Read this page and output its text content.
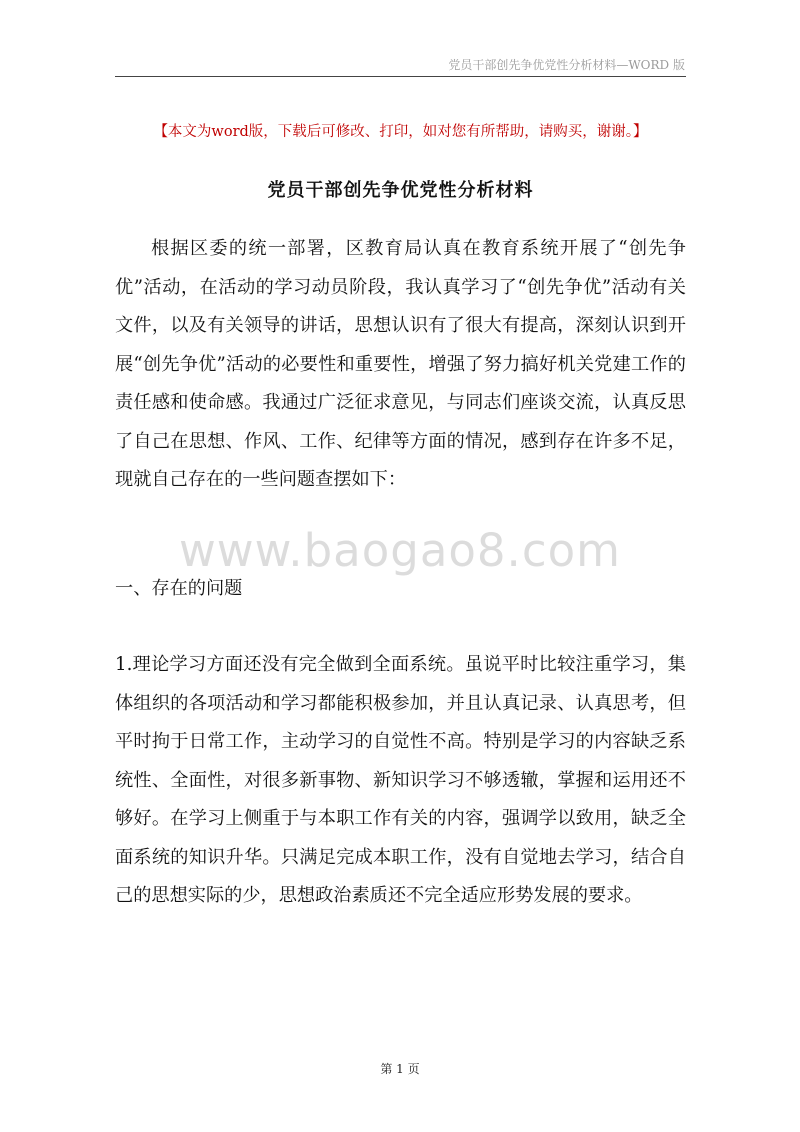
党员干部创先争优党性分析材料—WORD 版
【本文为word版，下载后可修改、打印，如对您有所帮助，请购买，谢谢。】
党员干部创先争优党性分析材料

根据区委的统一部署，区教育局认真在教育系统开展了“创先争优”活动，在活动的学习动员阶段，我认真学习了“创先争优”活动有关文件，以及有关领导的讲话，思想认识有了很大有提高，深刻认识到开展“创先争优”活动的必要性和重要性，增强了努力搞好机关党建工作的责任感和使命感。我通过广泛征求意见，与同志们座谈交流，认真反思了自己在思想、作风、工作、纪律等方面的情况，感到存在许多不足，现就自己存在的一些问题查摆如下：

www.baogao8.com
一、存在的问题

1.理论学习方面还没有完全做到全面系统。虽说平时比较注重学习，集体组织的各项活动和学习都能积极参加，并且认真记录、认真思考，但平时拘于日常工作，主动学习的自觉性不高。特别是学习的内容缺乏系统性、全面性，对很多新事物、新知识学习不够透辙，掌握和运用还不够好。在学习上侧重于与本职工作有关的内容，强调学以致用，缺乏全面系统的知识升华。只满足完成本职工作，没有自觉地去学习，结合自己的思想实际的少，思想政治素质还不完全适应形势发展的要求。

第 1 页
